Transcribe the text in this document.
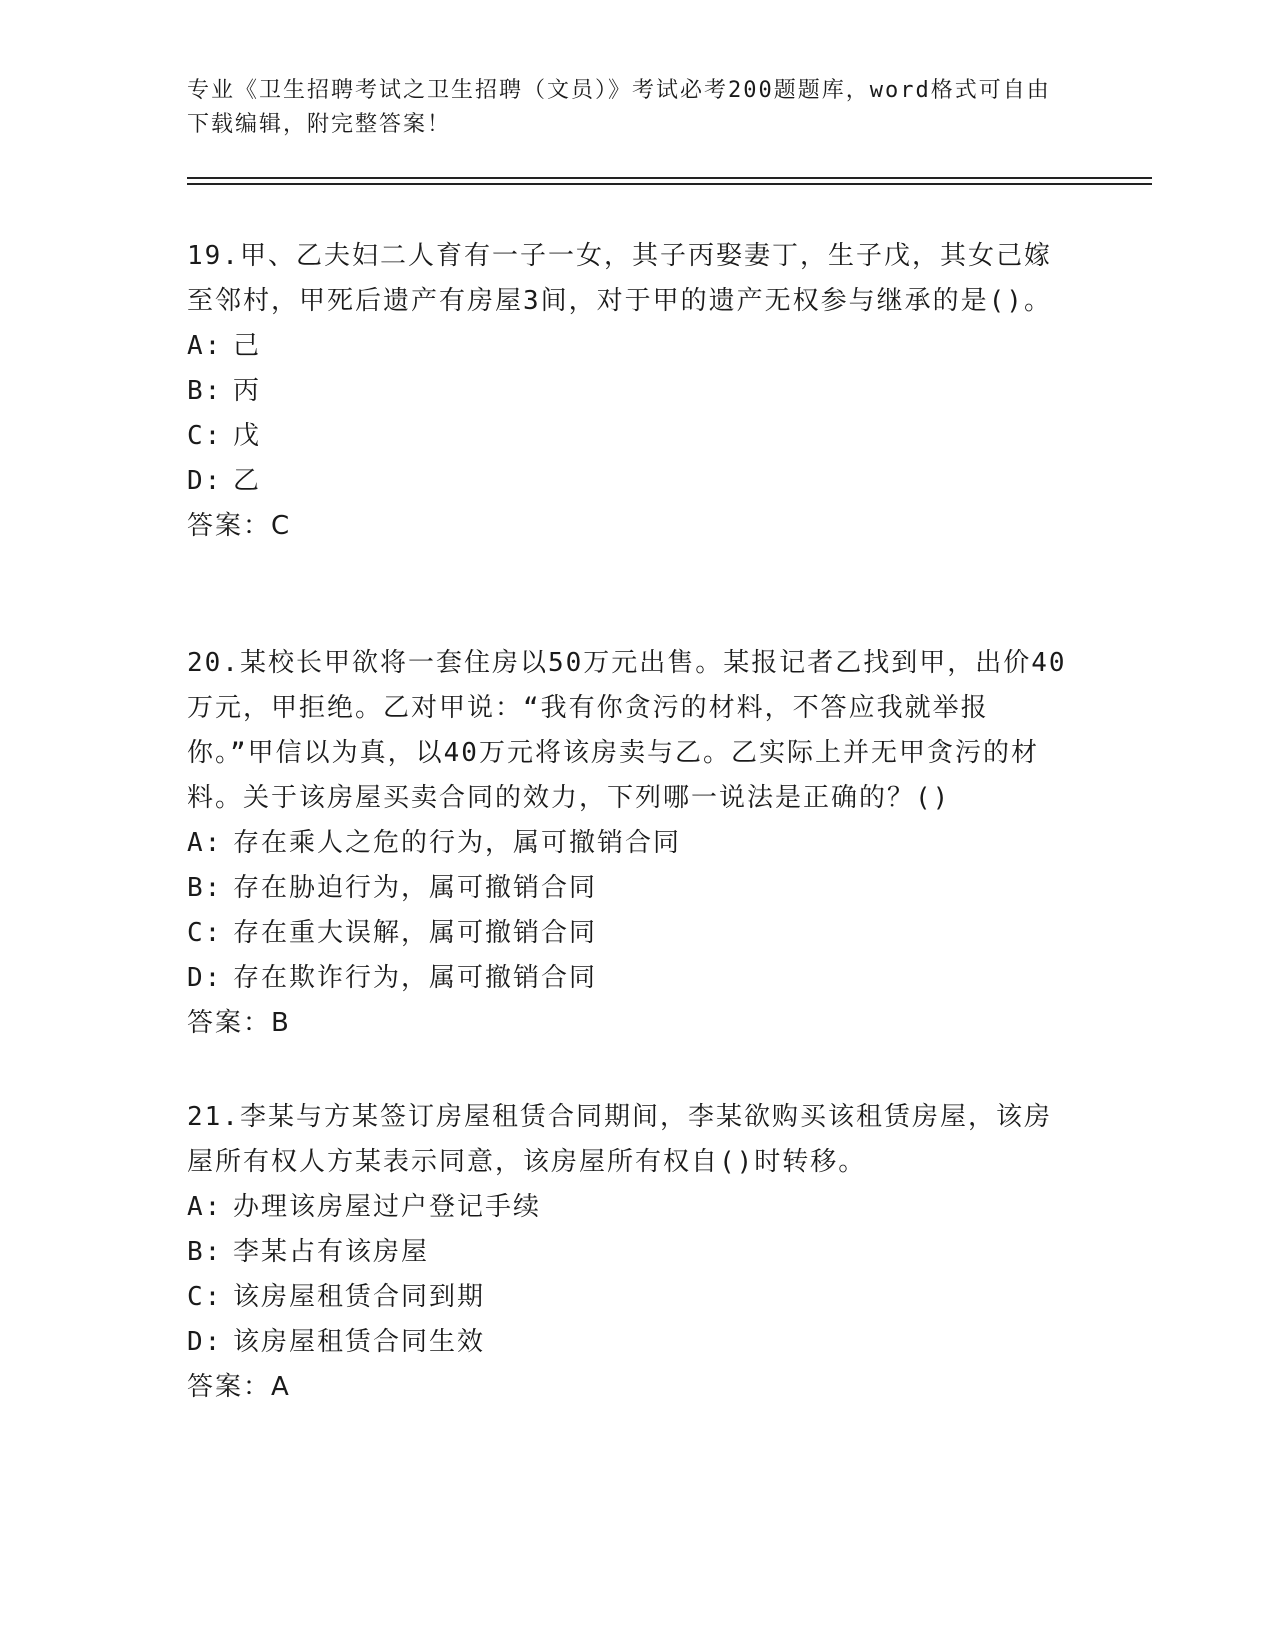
专业《卫生招聘考试之卫生招聘（文员）》考试必考200题题库，word格式可自由下载编辑，附完整答案！

19.甲、乙夫妇二人育有一子一女，其子丙娶妻丁，生子戊，其女己嫁至邻村，甲死后遗产有房屋3间，对于甲的遗产无权参与继承的是()。

A: 己

B: 丙

C: 戊

D: 乙

答案：C

20.某校长甲欲将一套住房以50万元出售。某报记者乙找到甲，出价40万元，甲拒绝。乙对甲说：“我有你贪污的材料，不答应我就举报你。”甲信以为真，以40万元将该房卖与乙。乙实际上并无甲贪污的材料。关于该房屋买卖合同的效力，下列哪一说法是正确的？()

A: 存在乘人之危的行为，属可撤销合同

B: 存在胁迫行为，属可撤销合同

C: 存在重大误解，属可撤销合同

D: 存在欺诈行为，属可撤销合同

答案：B

21.李某与方某签订房屋租赁合同期间，李某欲购买该租赁房屋，该房屋所有权人方某表示同意，该房屋所有权自()时转移。

A: 办理该房屋过户登记手续

B: 李某占有该房屋

C: 该房屋租赁合同到期

D: 该房屋租赁合同生效

答案：A
